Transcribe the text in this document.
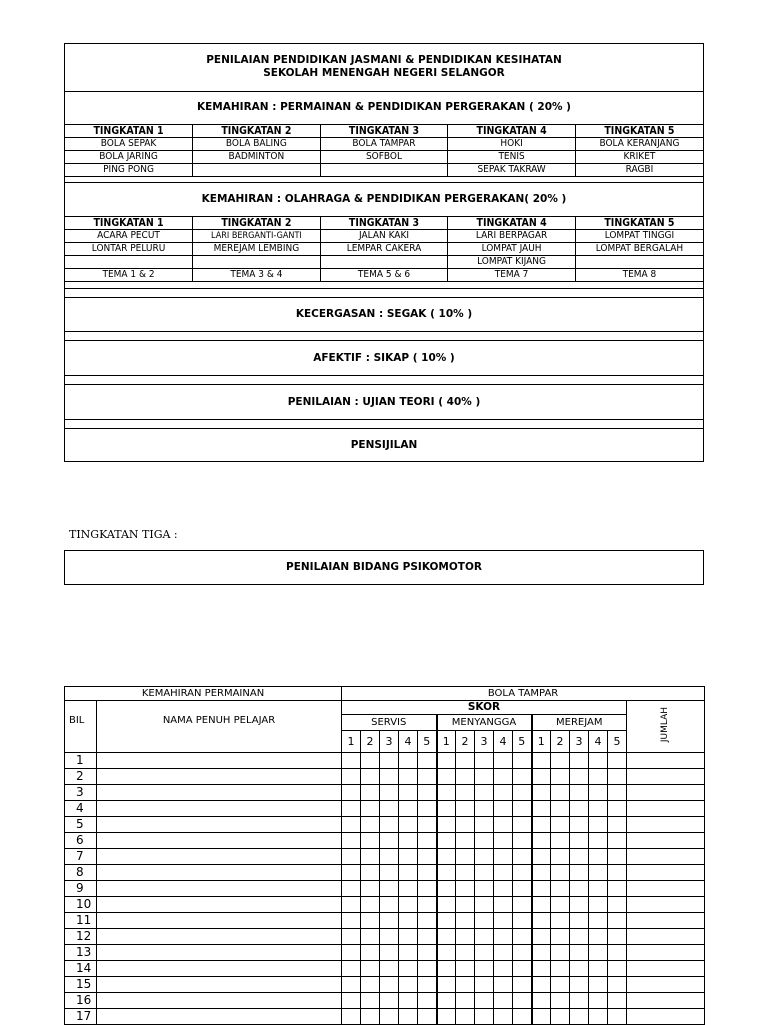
PENILAIAN PENDIDIKAN JASMANI & PENDIDIKAN KESIHATAN
SEKOLAH MENENGAH NEGERI SELANGOR
KEMAHIRAN : PERMAINAN & PENDIDIKAN PERGERAKAN ( 20% )
TINGKATAN 1	TINGKATAN 2	TINGKATAN 3	TINGKATAN 4	TINGKATAN 5
BOLA SEPAK	BOLA BALING	BOLA TAMPAR	HOKI	BOLA KERANJANG
BOLA JARING	BADMINTON	SOFBOL	TENIS	KRIKET
PING PONG			SEPAK TAKRAW	RAGBI
KEMAHIRAN : OLAHRAGA & PENDIDIKAN PERGERAKAN( 20% )
TINGKATAN 1	TINGKATAN 2	TINGKATAN 3	TINGKATAN 4	TINGKATAN 5
ACARA PECUT	LARI BERGANTI-GANTI	JALAN KAKI	LARI BERPAGAR	LOMPAT TINGGI
LONTAR PELURU	MEREJAM LEMBING	LEMPAR CAKERA	LOMPAT JAUH	LOMPAT BERGALAH
			LOMPAT KIJANG	
TEMA 1 & 2	TEMA 3 & 4	TEMA 5 & 6	TEMA 7	TEMA 8
KECERGASAN : SEGAK ( 10% )
AFEKTIF : SIKAP ( 10% )
PENILAIAN : UJIAN TEORI ( 40% )
PENSIJILAN
TINGKATAN TIGA :
PENILAIAN BIDANG PSIKOMOTOR
KEMAHIRAN PERMAINAN		BOLA TAMPAR															
BIL	NAMA PENUH PELAJAR	SKOR															JUMLAH
		SERVIS					MENYANGGA					MEREJAM					
		1	2	3	4	5	1	2	3	4	5	1	2	3	4	5	
1																	
2																	
3																	
4																	
5																	
6																	
7																	
8																	
9																	
10																	
11																	
12																	
13																	
14																	
15																	
16																	
17																	
